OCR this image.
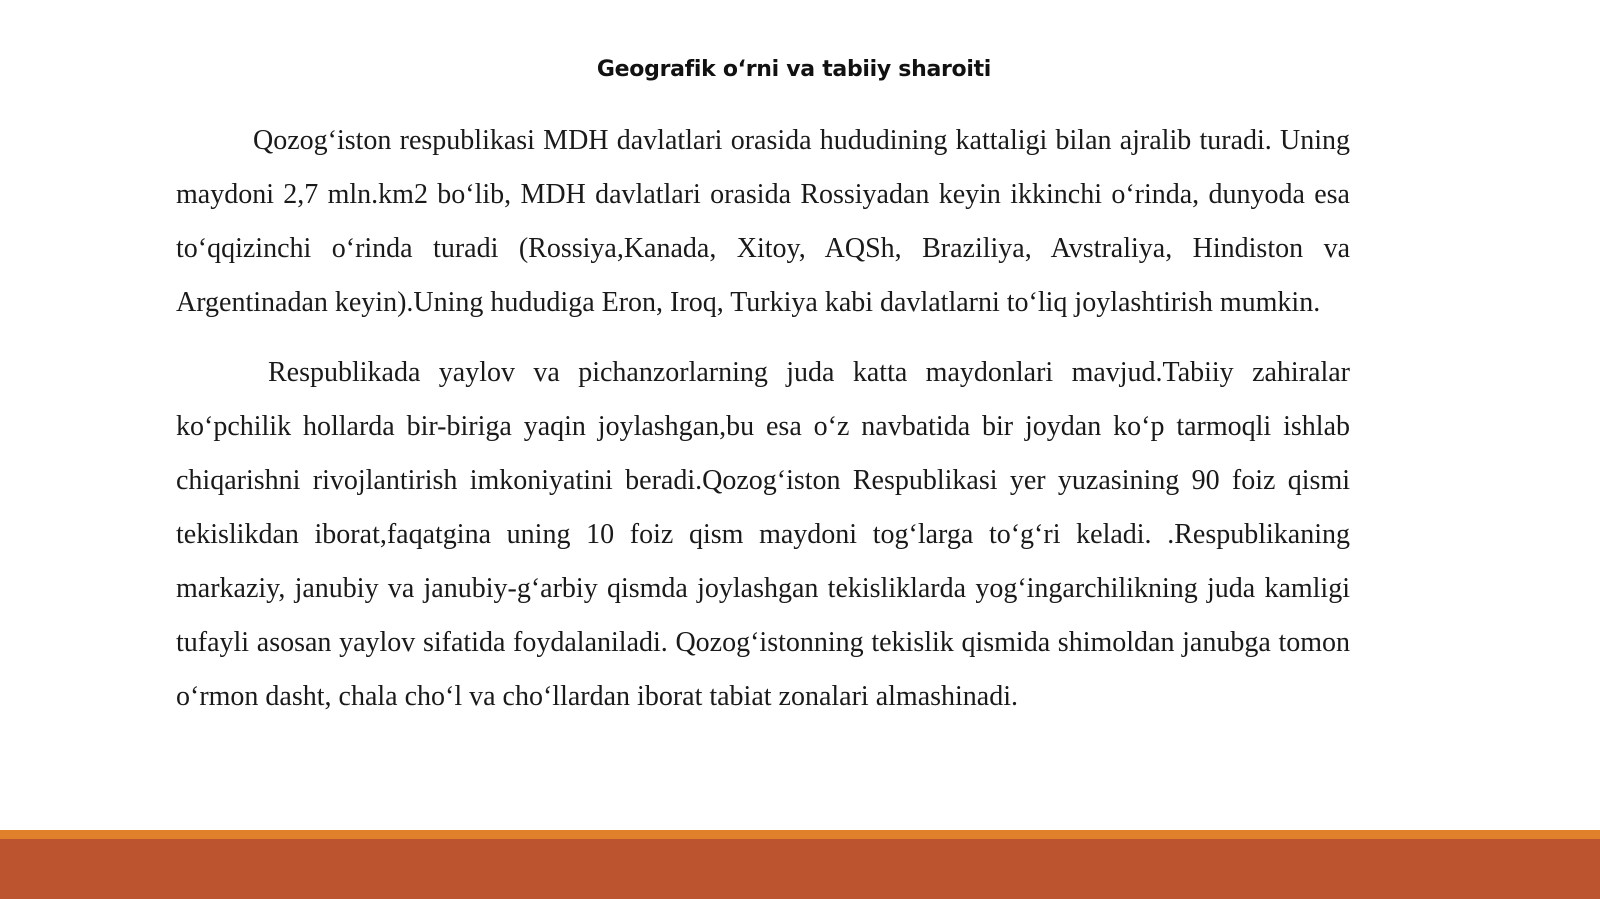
Geografik o‘rni va tabiiy sharoiti

Qozog‘iston respublikasi MDH davlatlari orasida hududining kattaligi bilan ajralib turadi. Uning maydoni 2,7 mln.km2 bo‘lib, MDH davlatlari orasida Rossiyadan keyin ikkinchi o‘rinda, dunyoda esa to‘qqizinchi o‘rinda turadi (Rossiya,Kanada, Xitoy, AQSh, Braziliya, Avstraliya, Hindiston va Argentinadan keyin).Uning hududiga Eron, Iroq, Turkiya kabi davlatlarni to‘liq joylashtirish mumkin.

Respublikada yaylov va pichanzorlarning juda katta maydonlari mavjud.Tabiiy zahiralar ko‘pchilik hollarda bir-biriga yaqin joylashgan,bu esa o‘z navbatida bir joydan ko‘p tarmoqli ishlab chiqarishni rivojlantirish imkoniyatini beradi.Qozog‘iston Respublikasi yer yuzasining 90 foiz qismi tekislikdan iborat,faqatgina uning 10 foiz qism maydoni tog‘larga to‘g‘ri keladi. .Respublikaning markaziy, janubiy va janubiy-g‘arbiy qismda joylashgan tekisliklarda yog‘ingarchilikning juda kamligi tufayli asosan yaylov sifatida foydalaniladi. Qozog‘istonning tekislik qismida shimoldan janubga tomon o‘rmon dasht, chala cho‘l va cho‘llardan iborat tabiat zonalari almashinadi.
